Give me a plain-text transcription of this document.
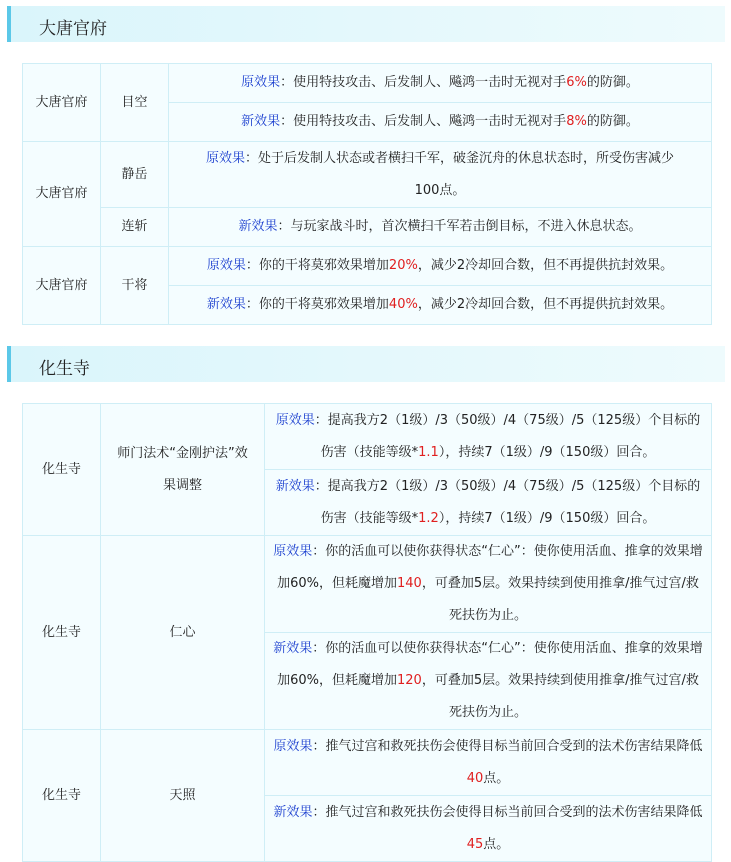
大唐官府
大唐官府	目空	原效果：使用特技攻击、后发制人、飚鸿一击时无视对手6%的防御。
		新效果：使用特技攻击、后发制人、飚鸿一击时无视对手8%的防御。
大唐官府	静岳	原效果：处于后发制人状态或者横扫千军，破釜沉舟的休息状态时，所受伤害减少100点。
	连斩	新效果：与玩家战斗时，首次横扫千军若击倒目标，不进入休息状态。
大唐官府	干将	原效果：你的干将莫邪效果增加20%，减少2冷却回合数，但不再提供抗封效果。
		新效果：你的干将莫邪效果增加40%，减少2冷却回合数，但不再提供抗封效果。
化生寺
化生寺	师门法术“金刚护法”效果调整	原效果：提高我方2（1级）/3（50级）/4（75级）/5（125级）个目标的伤害（技能等级*1.1），持续7（1级）/9（150级）回合。
		新效果：提高我方2（1级）/3（50级）/4（75级）/5（125级）个目标的伤害（技能等级*1.2），持续7（1级）/9（150级）回合。
化生寺	仁心	原效果：你的活血可以使你获得状态“仁心”：使你使用活血、推拿的效果增加60%，但耗魔增加140，可叠加5层。效果持续到使用推拿/推气过宫/救死扶伤为止。
		新效果：你的活血可以使你获得状态“仁心”：使你使用活血、推拿的效果增加60%，但耗魔增加120，可叠加5层。效果持续到使用推拿/推气过宫/救死扶伤为止。
化生寺	天照	原效果：推气过宫和救死扶伤会使得目标当前回合受到的法术伤害结果降低40点。
		新效果：推气过宫和救死扶伤会使得目标当前回合受到的法术伤害结果降低45点。
